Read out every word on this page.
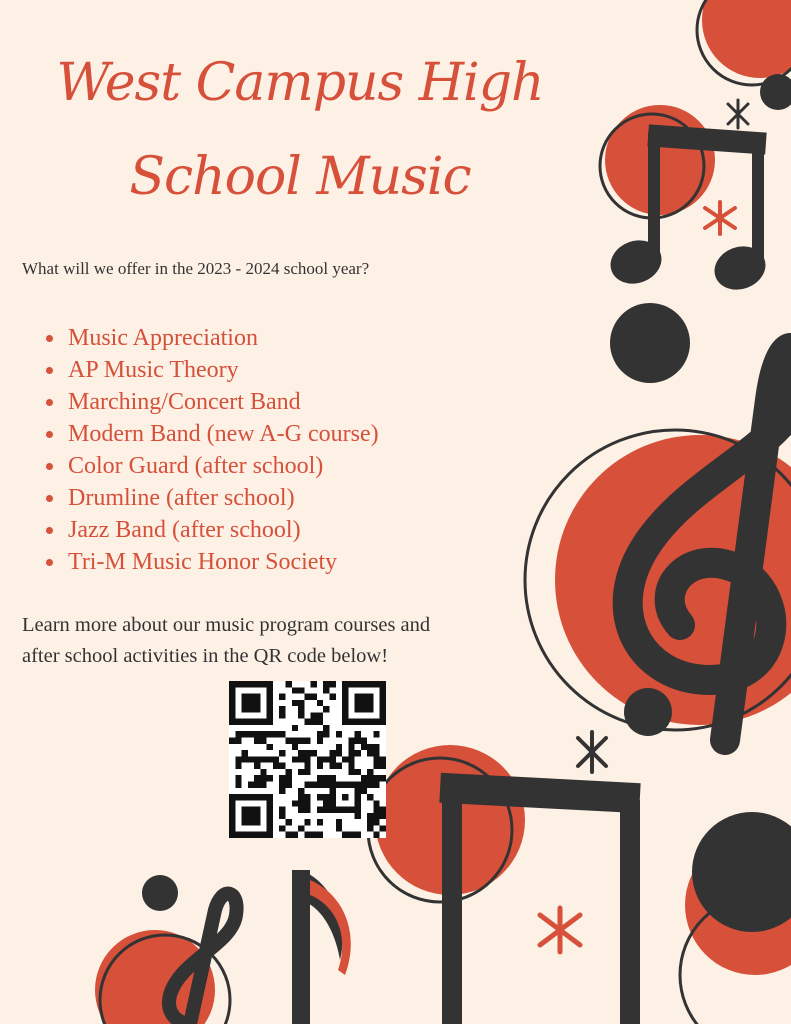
West Campus High
School Music
What will we offer in the 2023 - 2024 school year?
Music Appreciation
AP Music Theory
Marching/Concert Band
Modern Band (new A-G course)
Color Guard (after school)
Drumline (after school)
Jazz Band (after school)
Tri-M Music Honor Society
Learn more about our music program courses and after school activities in the QR code below!
